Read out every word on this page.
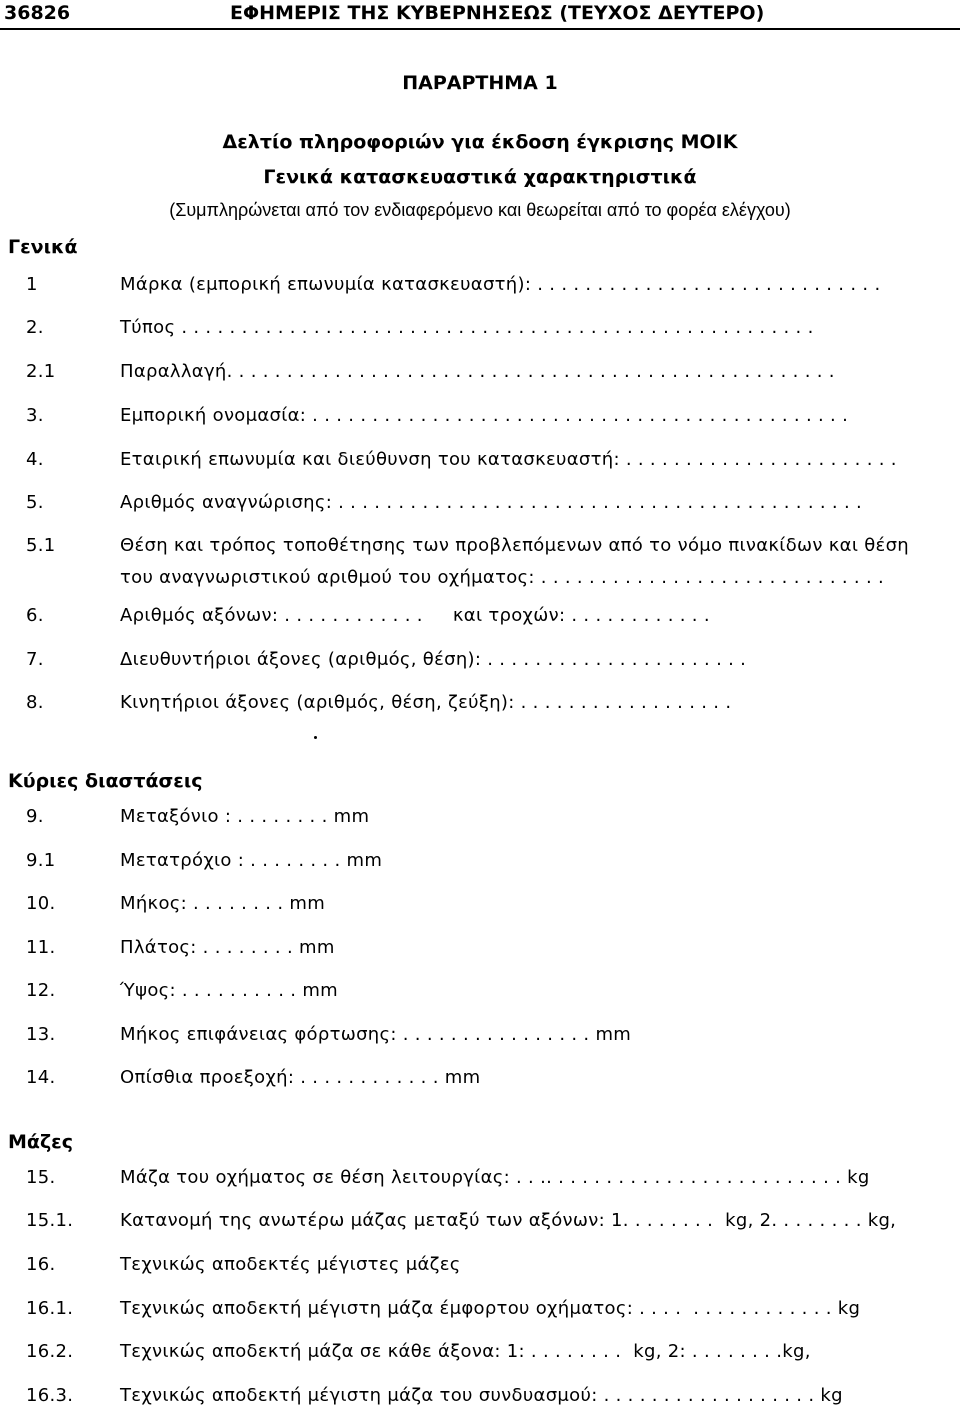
36826	ΕΦΗΜΕΡΙΣ ΤΗΣ ΚΥΒΕΡΝΗΣΕΩΣ (ΤΕΥΧΟΣ ΔΕΥΤΕΡΟ)
ΠΑΡΑΡΤΗΜΑ 1
Δελτίο πληροφοριών για έκδοση έγκρισης ΜΟΙΚ
Γενικά κατασκευαστικά χαρακτηριστικά
(Συμπληρώνεται από τον ενδιαφερόμενο και θεωρείται από το φορέα ελέγχου)
Γενικά
1	Μάρκα (εμπορική επωνυμία κατασκευαστή): . . . . . . . . . . . . . . . . . . . . . . . . . . . . .
2.	Τύπος . . . . . . . . . . . . . . . . . . . . . . . . . . . . . . . . . . . . . . . . . . . . . . . . . . . . .
2.1	Παραλλαγή. . . . . . . . . . . . . . . . . . . . . . . . . . . . . . . . . . . . . . . . . . . . . . . . . . .
3.	Εμπορική ονομασία: . . . . . . . . . . . . . . . . . . . . . . . . . . . . . . . . . . . . . . . . . . . . .
4.	Εταιρική επωνυμία και διεύθυνση του κατασκευαστή: . . . . . . . . . . . . . . . . . . . . . . .
5.	Αριθμός αναγνώρισης: . . . . . . . . . . . . . . . . . . . . . . . . . . . . . . . . . . . . . . . . . . . .
5.1	Θέση και τρόπος τοποθέτησης των προβλεπόμενων από το νόμο πινακίδων και θέση
του αναγνωριστικού αριθμού του οχήματος: . . . . . . . . . . . . . . . . . . . . . . . . . . . . .
6.	Αριθμός αξόνων: . . . . . . . . . . . .     και τροχών: . . . . . . . . . . . .
7.	Διευθυντήριοι άξονες (αριθμός, θέση): . . . . . . . . . . . . . . . . . . . . . .
8.	Κινητήριοι άξονες (αριθμός, θέση, ζεύξη): . . . . . . . . . . . . . . . . . .
Κύριες διαστάσεις
9.	Μεταξόνιο : . . . . . . . . mm
9.1	Μετατρόχιο : . . . . . . . . mm
10.	Μήκος: . . . . . . . . mm
11.	Πλάτος: . . . . . . . . mm
12.	Ύψος: . . . . . . . . . . mm
13.	Μήκος επιφάνειας φόρτωσης: . . . . . . . . . . . . . . . . mm
14.	Οπίσθια προεξοχή: . . . . . . . . . . . . mm
Μάζες
15.	Μάζα του οχήματος σε θέση λειτουργίας: . . .. . . . . . . . . . . . . . . . . . . . . . . . . kg
15.1.	Κατανομή της ανωτέρω μάζας μεταξύ των αξόνων: 1. . . . . . . .  kg, 2. . . . . . . . kg,
16.	Τεχνικώς αποδεκτές μέγιστες μάζες
16.1.	Τεχνικώς αποδεκτή μέγιστη μάζα έμφορτου οχήματος: . . . .  . . . . . . . . . . . . kg
16.2.	Τεχνικώς αποδεκτή μάζα σε κάθε άξονα: 1: . . . . . . . .  kg, 2: . . . . . . . .kg,
16.3.	Τεχνικώς αποδεκτή μέγιστη μάζα του συνδυασμού: . . . . . . . . . . . . . . . . . . kg
